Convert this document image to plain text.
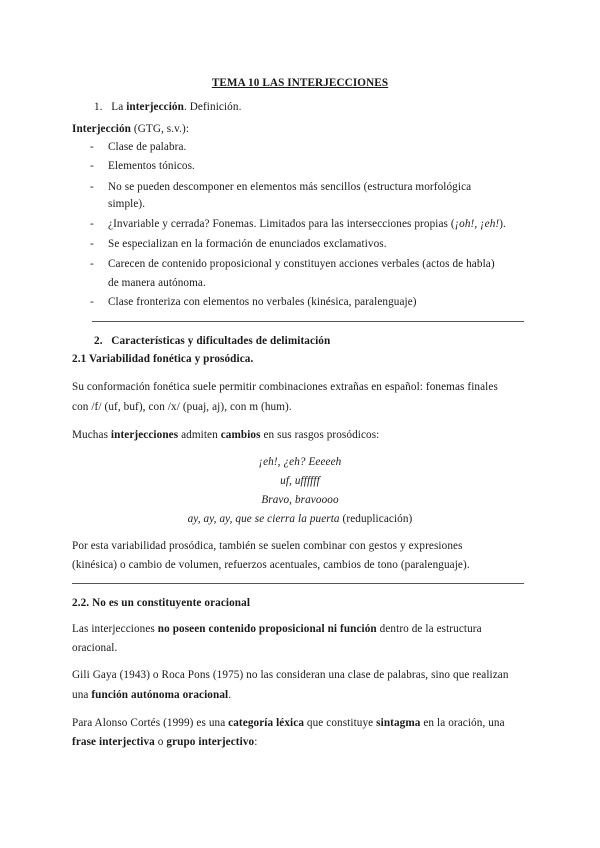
TEMA 10 LAS INTERJECCIONES
1. La interjección. Definición.
Interjección (GTG, s.v.):
- Clase de palabra.
- Elementos tónicos.
- No se pueden descomponer en elementos más sencillos (estructura morfológica
simple).
- ¿Invariable y cerrada? Fonemas. Limitados para las intersecciones propias (¡oh!, ¡eh!).
- Se especializan en la formación de enunciados exclamativos.
- Carecen de contenido proposicional y constituyen acciones verbales (actos de habla)
de manera autónoma.
- Clase fronteriza con elementos no verbales (kinésica, paralenguaje)
2. Características y dificultades de delimitación
2.1 Variabilidad fonética y prosódica.
Su conformación fonética suele permitir combinaciones extrañas en español: fonemas finales
con /f/ (uf, buf), con /x/ (puaj, aj), con m (hum).
Muchas interjecciones admiten cambios en sus rasgos prosódicos:
¡eh!, ¿eh? Eeeeeh
uf, uffffff
Bravo, bravoooo
ay, ay, ay, que se cierra la puerta (reduplicación)
Por esta variabilidad prosódica, también se suelen combinar con gestos y expresiones
(kinésica) o cambio de volumen, refuerzos acentuales, cambios de tono (paralenguaje).
2.2. No es un constituyente oracional
Las interjecciones no poseen contenido proposicional ni función dentro de la estructura
oracional.
Gili Gaya (1943) o Roca Pons (1975) no las consideran una clase de palabras, sino que realizan
una función autónoma oracional.
Para Alonso Cortés (1999) es una categoría léxica que constituye sintagma en la oración, una
frase interjectiva o grupo interjectivo:
